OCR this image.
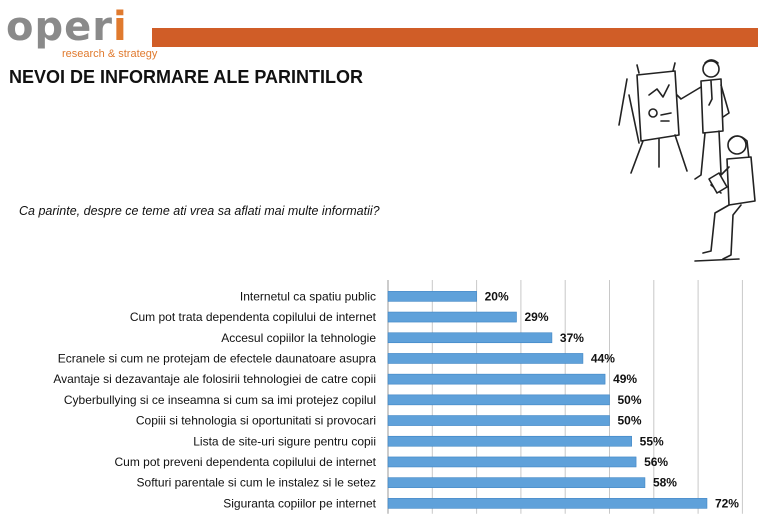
operi
research & strategy
NEVOI DE INFORMARE ALE PARINTILOR
Ca parinte, despre ce teme ati vrea sa aflati mai multe informatii?
Internetul ca spatiu public	20%
Cum pot trata dependenta copilului de internet	29%
Accesul copiilor la tehnologie	37%
Ecranele si cum ne protejam de efectele daunatoare asupra	44%
Avantaje si dezavantaje ale folosirii tehnologiei de catre copii	49%
Cyberbullying si ce inseamna si cum sa imi protejez copilul	50%
Copiii si tehnologia si oportunitati si provocari	50%
Lista de site-uri sigure pentru copii	55%
Cum pot preveni dependenta copilului de internet	56%
Softuri parentale si cum le instalez si le setez	58%
Siguranta copiilor pe internet	72%
